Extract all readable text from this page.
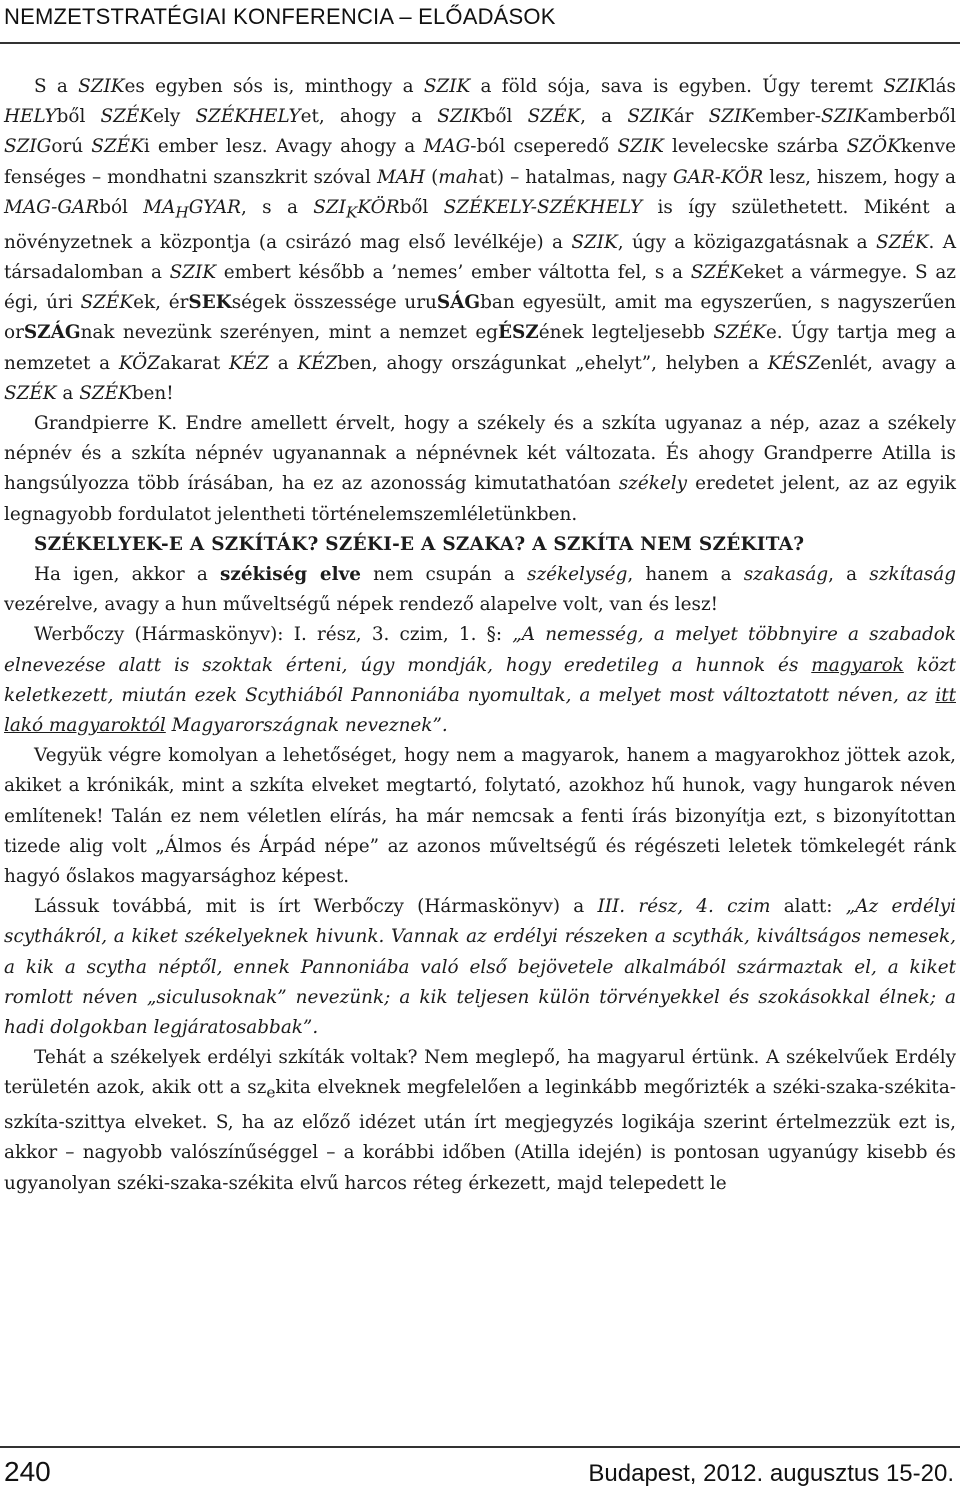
NEMZETSTRATÉGIAI KONFERENCIA – ELŐADÁSOK

S a SZIKes egyben sós is, minthogy a SZIK a föld sója, sava is egyben. Úgy teremt SZIKlás HELYből SZÉKely SZÉKHELYet, ahogy a SZIKből SZÉK, a SZIKár SZIKember-SZIKamberből SZIGorú SZÉKi ember lesz. Avagy ahogy a MAG-ból cseperedő SZIK levelecske szárba SZÖKkenve fenséges – mondhatni szanszkrit szóval MAH (mahat) – hatalmas, nagy GAR-KÖR lesz, hiszem, hogy a MAG-GARból $MA_HGYAR$, s a $SZI_KKÖRből$ SZÉKELY-SZÉKHELY is így születhetett. Miként a növényzetnek a központja (a csirázó mag első levélkéje) a SZIK, úgy a közigazgatásnak a SZÉK. A társadalomban a SZIK embert később a ’nemes’ ember váltotta fel, s a SZÉKeket a vármegye. S az égi, úri SZÉKek, érSEKségek összessége uruSÁGban egyesült, amit ma egyszerűen, s nagyszerűen orSZÁGnak nevezünk szerényen, mint a nemzet egÉSZének legteljesebb SZÉKe. Úgy tartja meg a nemzetet a KÖZakarat KÉZ a KÉZben, ahogy országunkat „ehelyt”, helyben a KÉSZenlét, avagy a SZÉK a SZÉKben!

Grandpierre K. Endre amellett érvelt, hogy a székely és a szkíta ugyanaz a nép, azaz a székely népnév és a szkíta népnév ugyanannak a népnévnek két változata. És ahogy Grandperre Atilla is hangsúlyozza több írásában, ha ez az azonosság kimutathatóan székely eredetet jelent, az az egyik legnagyobb fordulatot jelentheti történelemszemléletünkben.

SZÉKELYEK-E A SZKÍTÁK? SZÉKI-E A SZAKA? A SZKÍTA NEM SZÉKITA?

Ha igen, akkor a székiség elve nem csupán a székelység, hanem a szakaság, a szkítaság vezérelve, avagy a hun műveltségű népek rendező alapelve volt, van és lesz!

Werbőczy (Hármaskönyv): I. rész, 3. czim, 1. §: „A nemesség, a melyet többnyire a szabadok elnevezése alatt is szoktak érteni, úgy mondják, hogy eredetileg a hunnok és magyarok közt keletkezett, miután ezek Scythiából Pannoniába nyomultak, a melyet most változtatott néven, az itt lakó magyaroktól Magyarországnak neveznek”.

Vegyük végre komolyan a lehetőséget, hogy nem a magyarok, hanem a magyarokhoz jöttek azok, akiket a krónikák, mint a szkíta elveket megtartó, folytató, azokhoz hű hunok, vagy hungarok néven említenek! Talán ez nem véletlen elírás, ha már nemcsak a fenti írás bizonyítja ezt, s bizonyítottan tizede alig volt „Álmos és Árpád népe” az azonos műveltségű és régészeti leletek tömkelegét ránk hagyó őslakos magyarsághoz képest.

Lássuk továbbá, mit is írt Werbőczy (Hármaskönyv) a III. rész, 4. czim alatt: „Az erdélyi scythákról, a kiket székelyeknek hivunk. Vannak az erdélyi részeken a scythák, kiváltságos nemesek, a kik a scytha néptől, ennek Pannoniába való első bejövetele alkalmából származtak el, a kiket romlott néven „siculusoknak” nevezünk; a kik teljesen külön törvényekkel és szokásokkal élnek; a hadi dolgokban legjáratosabbak”.

Tehát a székelyek erdélyi szkíták voltak? Nem meglepő, ha magyarul értünk. A székelvűek Erdély területén azok, akik ott a $sz_ekita$ elveknek megfelelően a leginkább megőrizték a széki-szaka-székita-szkíta-szittya elveket. S, ha az előző idézet után írt megjegyzés logikája szerint értelmezzük ezt is, akkor – nagyobb valószínűséggel – a korábbi időben (Atilla idején) is pontosan ugyanúgy kisebb és ugyanolyan széki-szaka-székita elvű harcos réteg érkezett, majd telepedett le

240	Budapest, 2012. augusztus 15-20.
